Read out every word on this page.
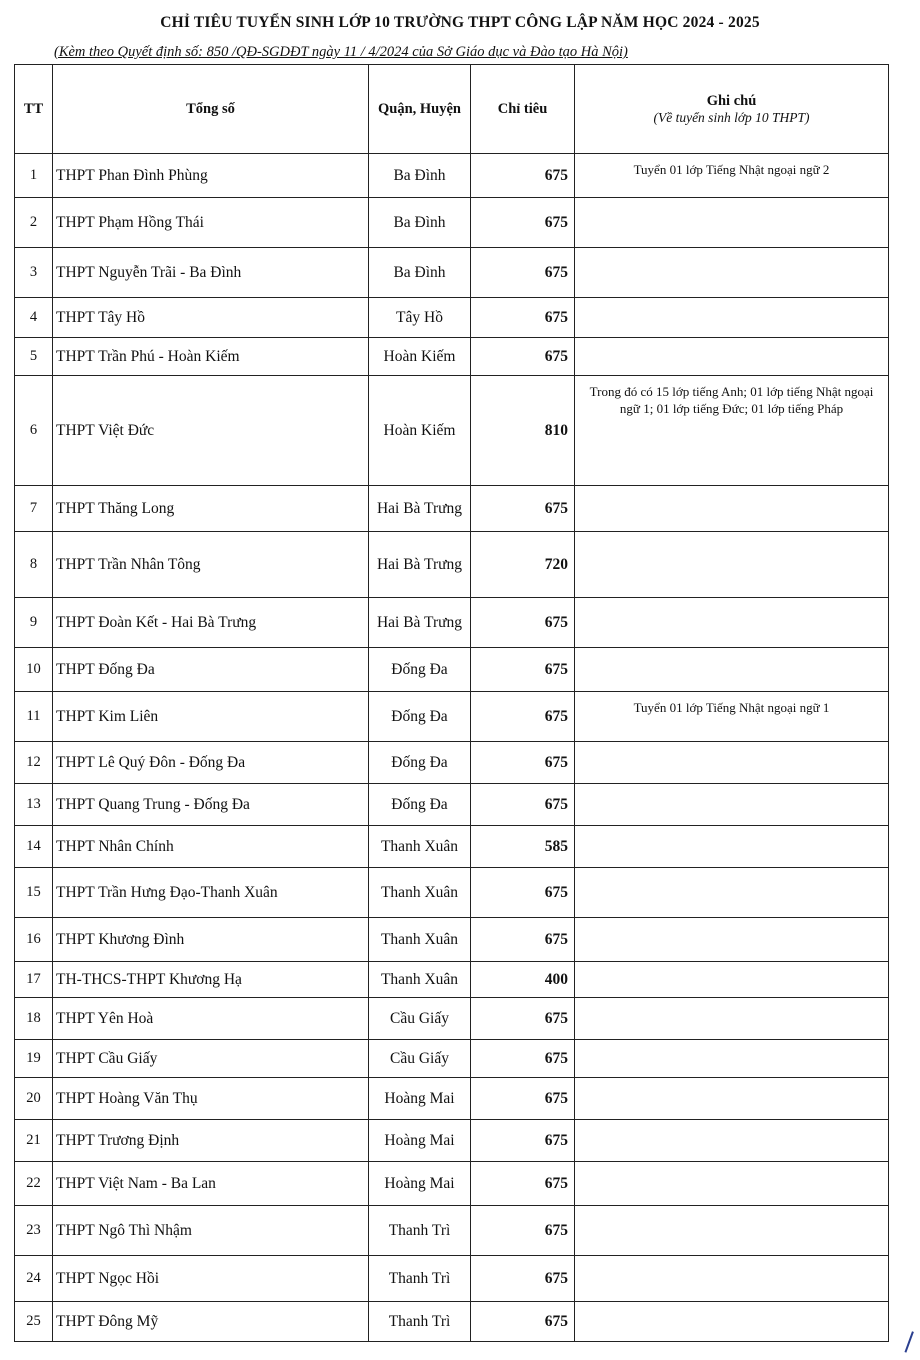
CHỈ TIÊU TUYỂN SINH LỚP 10 TRƯỜNG THPT CÔNG LẬP NĂM HỌC 2024 - 2025
(Kèm theo Quyết định số: 850 /QĐ-SGDĐT ngày 11 / 4/2024 của Sở Giáo dục và Đào tạo Hà Nội)
TT	Tổng số	Quận, Huyện	Chỉ tiêu	Ghi chú
(Về tuyển sinh lớp 10 THPT)

1	THPT Phan Đình Phùng	Ba Đình	675	Tuyển 01 lớp Tiếng Nhật ngoại ngữ 2
2	THPT Phạm Hồng Thái	Ba Đình	675	
3	THPT Nguyễn Trãi - Ba Đình	Ba Đình	675	
4	THPT Tây Hồ	Tây Hồ	675	
5	THPT Trần Phú - Hoàn Kiếm	Hoàn Kiếm	675	
6	THPT Việt Đức	Hoàn Kiếm	810	Trong đó có 15 lớp tiếng Anh; 01 lớp tiếng Nhật ngoại ngữ 1; 01 lớp tiếng Đức; 01 lớp tiếng Pháp
7	THPT Thăng Long	Hai Bà Trưng	675	
8	THPT Trần Nhân Tông	Hai Bà Trưng	720	
9	THPT Đoàn Kết - Hai Bà Trưng	Hai Bà Trưng	675	
10	THPT Đống Đa	Đống Đa	675	
11	THPT Kim Liên	Đống Đa	675	Tuyển 01 lớp Tiếng Nhật ngoại ngữ 1
12	THPT Lê Quý Đôn - Đống Đa	Đống Đa	675	
13	THPT Quang Trung - Đống Đa	Đống Đa	675	
14	THPT Nhân Chính	Thanh Xuân	585	
15	THPT Trần Hưng Đạo-Thanh Xuân	Thanh Xuân	675	
16	THPT Khương Đình	Thanh Xuân	675	
17	TH-THCS-THPT Khương Hạ	Thanh Xuân	400	
18	THPT Yên Hoà	Cầu Giấy	675	
19	THPT Cầu Giấy	Cầu Giấy	675	
20	THPT Hoàng Văn Thụ	Hoàng Mai	675	
21	THPT Trương Định	Hoàng Mai	675	
22	THPT Việt Nam - Ba Lan	Hoàng Mai	675	
23	THPT Ngô Thì Nhậm	Thanh Trì	675	
24	THPT Ngọc Hồi	Thanh Trì	675	
25	THPT Đông Mỹ	Thanh Trì	675	
